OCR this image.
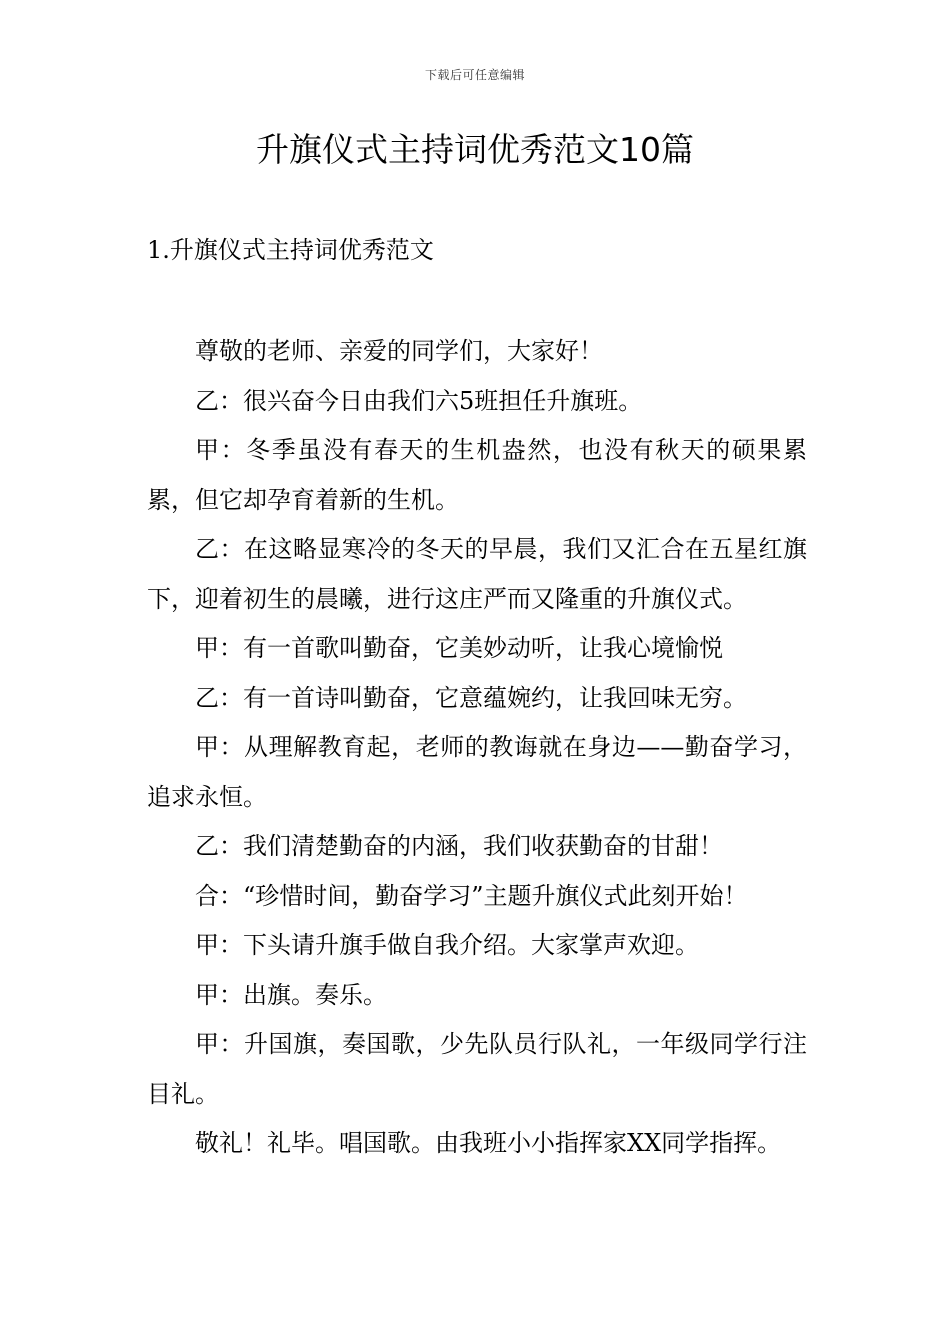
下载后可任意编辑
升旗仪式主持词优秀范文10篇
1.升旗仪式主持词优秀范文

尊敬的老师、亲爱的同学们，大家好！

乙：很兴奋今日由我们六5班担任升旗班。

甲：冬季虽没有春天的生机盎然，也没有秋天的硕果累累，但它却孕育着新的生机。

乙：在这略显寒冷的冬天的早晨，我们又汇合在五星红旗下，迎着初生的晨曦，进行这庄严而又隆重的升旗仪式。

甲：有一首歌叫勤奋，它美妙动听，让我心境愉悦

乙：有一首诗叫勤奋，它意蕴婉约，让我回味无穷。

甲：从理解教育起，老师的教诲就在身边——勤奋学习，追求永恒。

乙：我们清楚勤奋的内涵，我们收获勤奋的甘甜！

合：“珍惜时间，勤奋学习”主题升旗仪式此刻开始！

甲：下头请升旗手做自我介绍。大家掌声欢迎。

甲：出旗。奏乐。

甲：升国旗，奏国歌，少先队员行队礼，一年级同学行注目礼。

敬礼！礼毕。唱国歌。由我班小小指挥家XX同学指挥。
